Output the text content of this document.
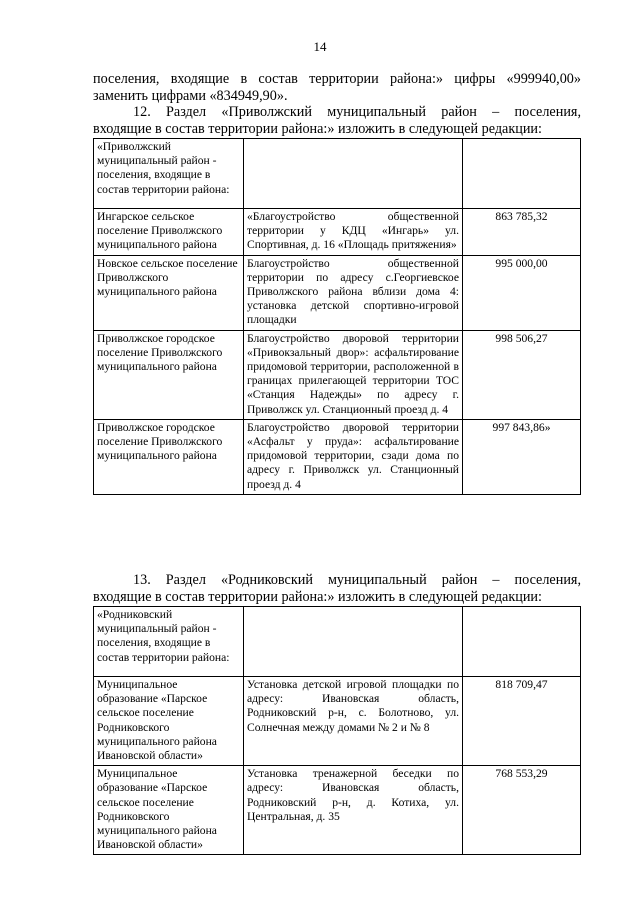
14
поселения, входящие в состав территории района:» цифры «999940,00»
заменить цифрами «834949,90».
12. Раздел «Приволжский муниципальный район – поселения,
входящие в состав территории района:» изложить в следующей редакции:
«Приволжский муниципальный район - поселения, входящие в состав территории района:		
Ингарское сельское поселение Приволжского муниципального района	«Благоустройство общественной территории у КДЦ «Ингарь» ул. Спортивная, д. 16 «Площадь притяжения»	863 785,32
Новское сельское поселение Приволжского муниципального района	Благоустройство общественной территории по адресу с.Георгиевское Приволжского района вблизи дома 4: установка детской спортивно-игровой площадки	995 000,00
Приволжское городское поселение Приволжского муниципального района	Благоустройство дворовой территории «Привокзальный двор»: асфальтирование придомовой территории, расположенной в границах прилегающей территории ТОС «Станция Надежды» по адресу г. Приволжск ул. Станционный проезд д. 4	998 506,27
Приволжское городское поселение Приволжского муниципального района	Благоустройство дворовой территории «Асфальт у пруда»: асфальтирование придомовой территории, сзади дома по адресу г. Приволжск ул. Станционный проезд д. 4	997 843,86»
13. Раздел «Родниковский муниципальный район – поселения,
входящие в состав территории района:» изложить в следующей редакции:
«Родниковский муниципальный район - поселения, входящие в состав территории района:		
Муниципальное образование «Парское сельское поселение Родниковского муниципального района Ивановской области»	Установка детской игровой площадки по адресу: Ивановская область, Родниковский р-н, с. Болотново, ул. Солнечная между домами № 2 и № 8	818 709,47
Муниципальное образование «Парское сельское поселение Родниковского муниципального района Ивановской области»	Установка тренажерной беседки по адресу: Ивановская область, Родниковский р-н, д. Котиха, ул. Центральная, д. 35	768 553,29
